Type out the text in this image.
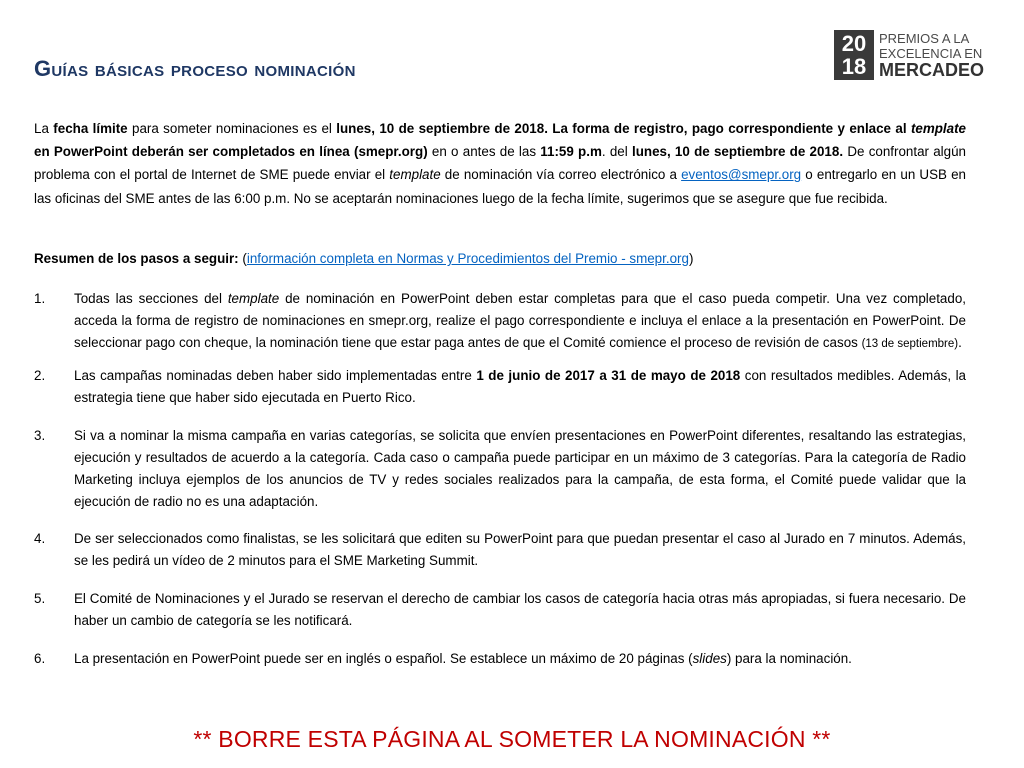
Guías básicas proceso nominación
20
18
PREMIOS A LA
EXCELENCIA EN
MERCADEO
La fecha límite para someter nominaciones es el lunes, 10 de septiembre de 2018. La forma de registro, pago correspondiente y enlace al template en PowerPoint deberán ser completados en línea (smepr.org) en o antes de las 11:59 p.m. del lunes, 10 de septiembre de 2018. De confrontar algún problema con el portal de Internet de SME puede enviar el template de nominación vía correo electrónico a eventos@smepr.org o entregarlo en un USB en las oficinas del SME antes de las 6:00 p.m. No se aceptarán nominaciones luego de la fecha límite, sugerimos que se asegure que fue recibida.
Resumen de los pasos a seguir: (información completa en Normas y Procedimientos del Premio - smepr.org)
1.	Todas las secciones del template de nominación en PowerPoint deben estar completas para que el caso pueda competir. Una vez completado, acceda la forma de registro de nominaciones en smepr.org, realize el pago correspondiente e incluya el enlace a la presentación en PowerPoint. De seleccionar pago con cheque, la nominación tiene que estar paga antes de que el Comité comience el proceso de revisión de casos (13 de septiembre).
2.	Las campañas nominadas deben haber sido implementadas entre 1 de junio de 2017 a 31 de mayo de 2018 con resultados medibles. Además, la estrategia tiene que haber sido ejecutada en Puerto Rico.
3.	Si va a nominar la misma campaña en varias categorías, se solicita que envíen presentaciones en PowerPoint diferentes, resaltando las estrategias, ejecución y resultados de acuerdo a la categoría. Cada caso o campaña puede participar en un máximo de 3 categorías. Para la categoría de Radio Marketing incluya ejemplos de los anuncios de TV y redes sociales realizados para la campaña, de esta forma, el Comité puede validar que la ejecución de radio no es una adaptación.
4.	De ser seleccionados como finalistas, se les solicitará que editen su PowerPoint para que puedan presentar el caso al Jurado en 7 minutos. Además, se les pedirá un vídeo de 2 minutos para el SME Marketing Summit.
5.	El Comité de Nominaciones y el Jurado se reservan el derecho de cambiar los casos de categoría hacia otras más apropiadas, si fuera necesario. De haber un cambio de categoría se les notificará.
6.	La presentación en PowerPoint puede ser en inglés o español. Se establece un máximo de 20 páginas (slides) para la nominación.
** BORRE ESTA PÁGINA AL SOMETER LA NOMINACIÓN **
